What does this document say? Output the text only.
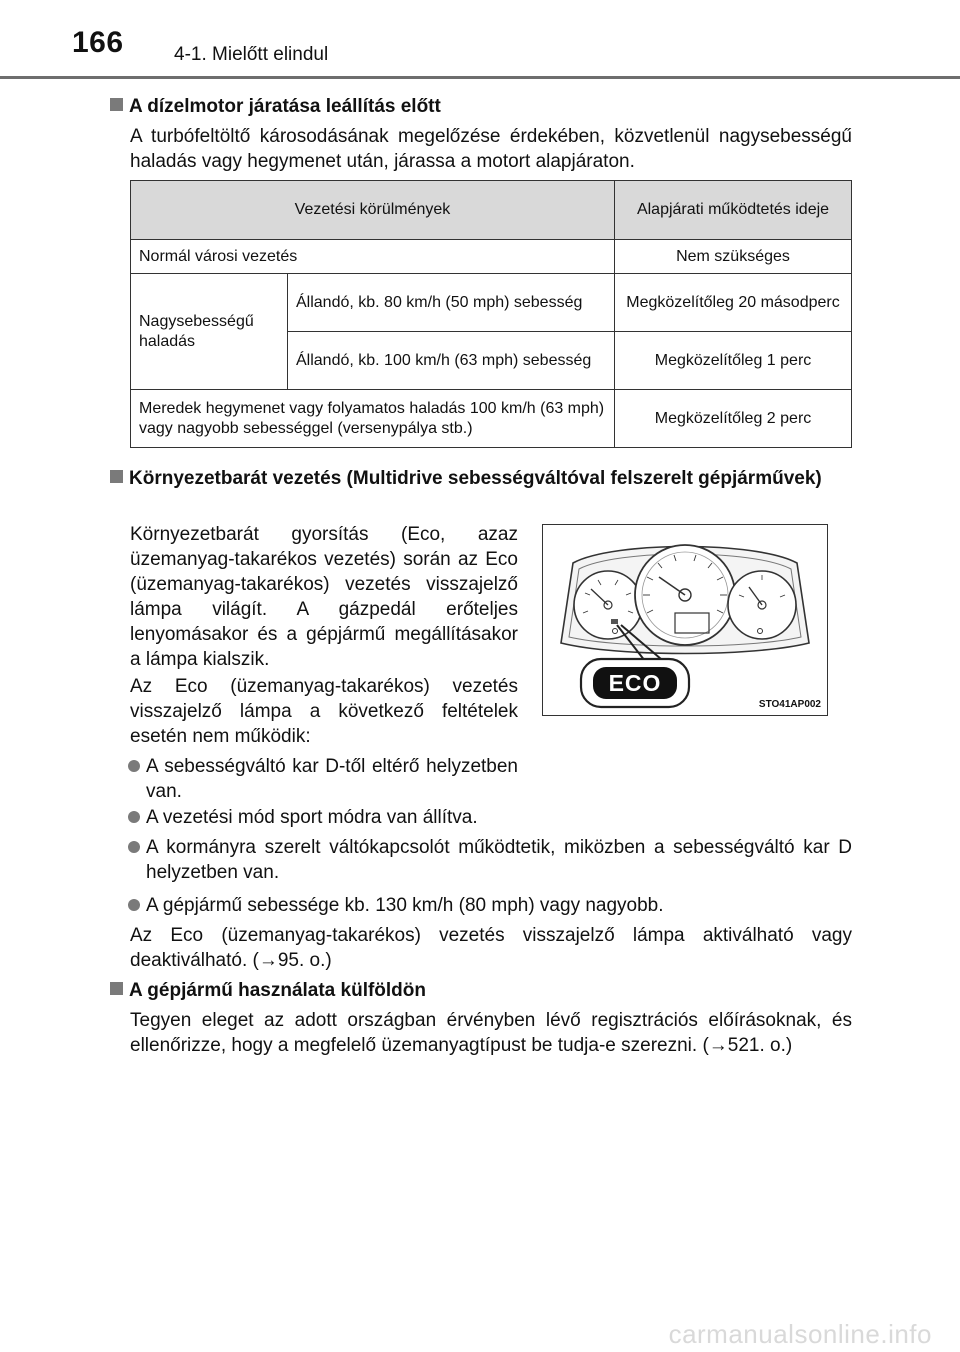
166	4-1. Mielőtt elindul
A dízelmotor járatása leállítás előtt
A turbófeltöltő károsodásának megelőzése érdekében, közvetlenül nagysebességű haladás vagy hegymenet után, járassa a motort alapjáraton.
Vezetési körülmények		Alapjárati működtetés ideje
Normál városi vezetés		Nem szükséges
Nagysebességű haladás	Állandó, kb. 80 km/h (50 mph) sebesség	Megközelítőleg 20 másodperc
	Állandó, kb. 100 km/h (63 mph) sebesség	Megközelítőleg 1 perc
Meredek hegymenet vagy folyamatos haladás 100 km/h (63 mph) vagy nagyobb sebességgel (versenypálya stb.)		Megközelítőleg 2 perc
Környezetbarát vezetés (Multidrive sebességváltóval felszerelt gépjárművek)
Környezetbarát gyorsítás (Eco, azaz üzemanyag-takarékos vezetés) során az Eco (üzemanyag-takarékos) vezetés visszajelző lámpa világít. A gázpedál erőteljes lenyomásakor és a gépjármű megállításakor a lámpa kialszik.
Az Eco (üzemanyag-takarékos) vezetés visszajelző lámpa a következő feltételek esetén nem működik:
A sebességváltó kar D-től eltérő helyzetben van.
A vezetési mód sport módra van állítva.
A kormányra szerelt váltókapcsolót működtetik, miközben a sebességváltó kar D helyzetben van.
A gépjármű sebessége kb. 130 km/h (80 mph) vagy nagyobb.
Az Eco (üzemanyag-takarékos) vezetés visszajelző lámpa aktiválható vagy deaktiválható. (→95. o.)
ECO
STO41AP002
A gépjármű használata külföldön
Tegyen eleget az adott országban érvényben lévő regisztrációs előírásoknak, és ellenőrizze, hogy a megfelelő üzemanyagtípust be tudja-e szerezni. (→521. o.)
carmanualsonline.info
